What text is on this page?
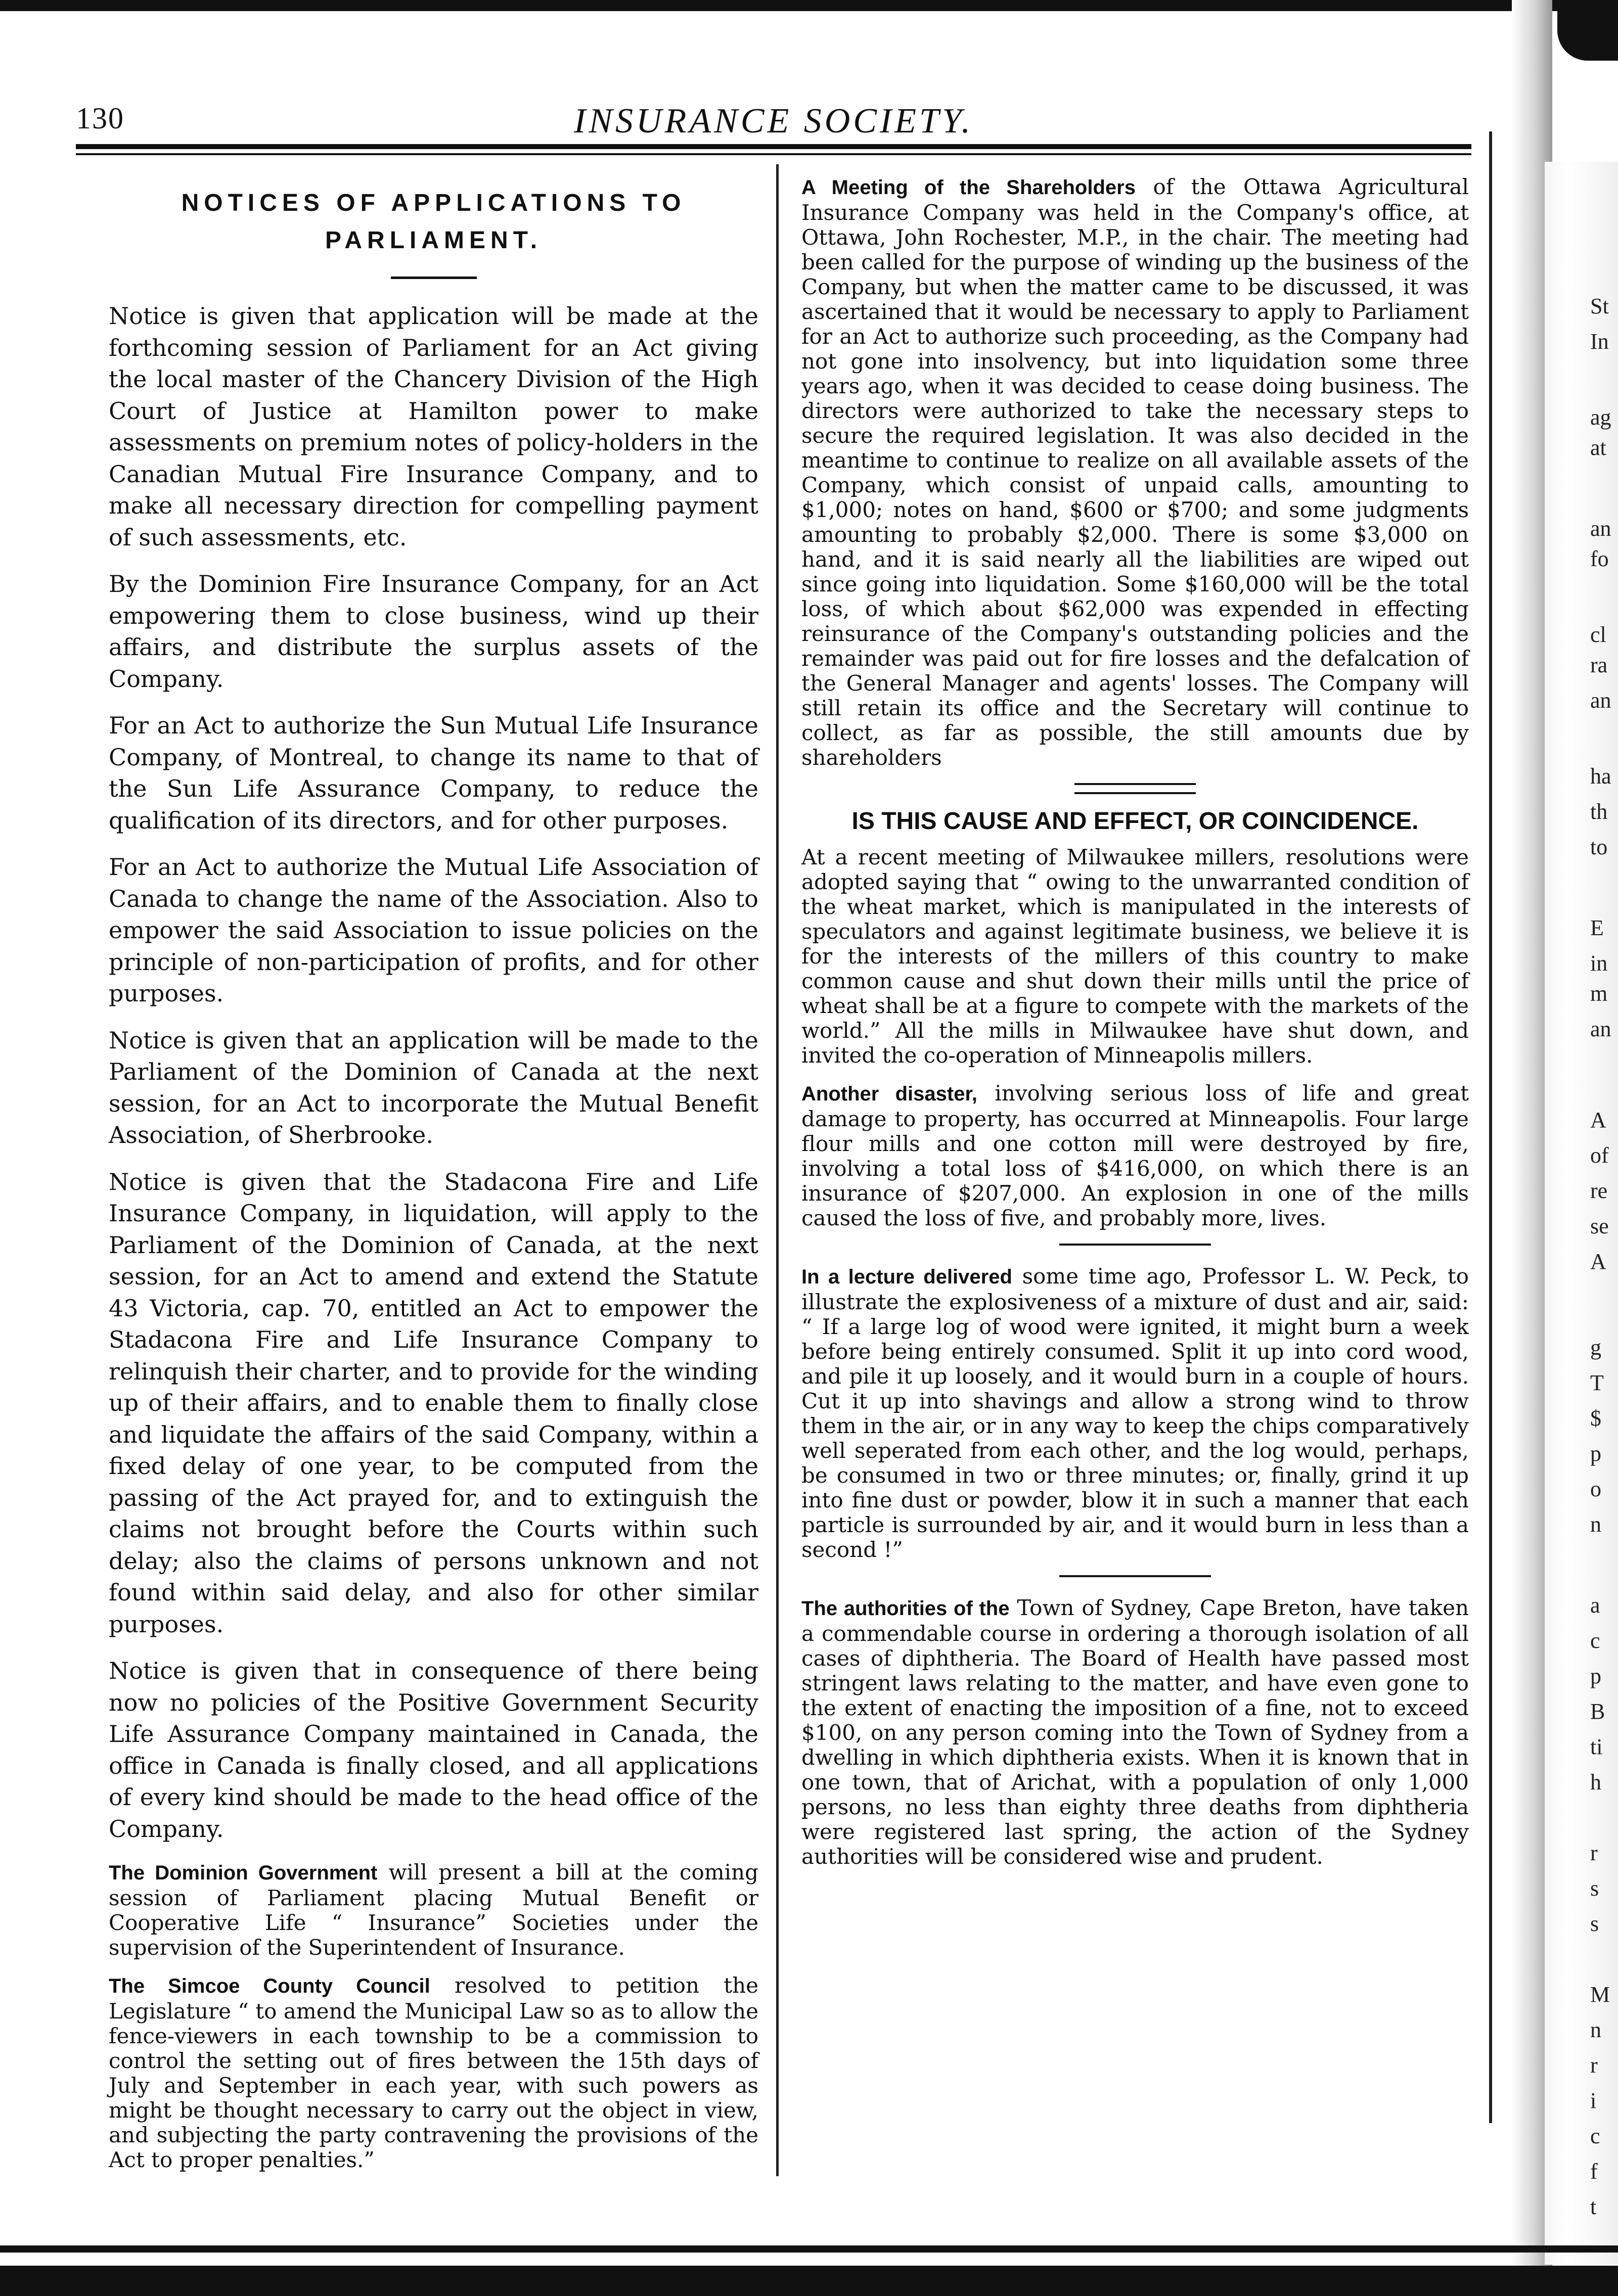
130	INSURANCE SOCIETY.
NOTICES OF APPLICATIONS TO PARLIAMENT.

Notice is given that application will be made at the forthcoming session of Parliament for an Act giving the local master of the Chancery Division of the High Court of Justice at Hamilton power to make assessments on premium notes of policy-holders in the Canadian Mutual Fire Insurance Company, and to make all necessary direction for compelling payment of such assessments, etc.

By the Dominion Fire Insurance Company, for an Act empowering them to close business, wind up their affairs, and distribute the surplus assets of the Company.

For an Act to authorize the Sun Mutual Life Insurance Company, of Montreal, to change its name to that of the Sun Life Assurance Company, to reduce the qualification of its directors, and for other purposes.

For an Act to authorize the Mutual Life Association of Canada to change the name of the Association. Also to empower the said Association to issue policies on the principle of non-participation of profits, and for other purposes.

Notice is given that an application will be made to the Parliament of the Dominion of Canada at the next session, for an Act to incorporate the Mutual Benefit Association, of Sherbrooke.

Notice is given that the Stadacona Fire and Life Insurance Company, in liquidation, will apply to the Parliament of the Dominion of Canada, at the next session, for an Act to amend and extend the Statute 43 Victoria, cap. 70, entitled an Act to empower the Stadacona Fire and Life Insurance Company to relinquish their charter, and to provide for the winding up of their affairs, and to enable them to finally close and liquidate the affairs of the said Company, within a fixed delay of one year, to be computed from the passing of the Act prayed for, and to extinguish the claims not brought before the Courts within such delay; also the claims of persons unknown and not found within said delay, and also for other similar purposes.

Notice is given that in consequence of there being now no policies of the Positive Government Security Life Assurance Company maintained in Canada, the office in Canada is finally closed, and all applications of every kind should be made to the head office of the Company.

The Dominion Government will present a bill at the coming session of Parliament placing Mutual Benefit or Cooperative Life “ Insurance” Societies under the supervision of the Superintendent of Insurance.

The Simcoe County Council resolved to petition the Legislature “ to amend the Municipal Law so as to allow the fence-viewers in each township to be a commission to control the setting out of fires between the 15th days of July and September in each year, with such powers as might be thought necessary to carry out the object in view, and subjecting the party contravening the provisions of the Act to proper penalties.”

A Meeting of the Shareholders of the Ottawa Agricultural Insurance Company was held in the Company's office, at Ottawa, John Rochester, M.P., in the chair. The meeting had been called for the purpose of winding up the business of the Company, but when the matter came to be discussed, it was ascertained that it would be necessary to apply to Parliament for an Act to authorize such proceeding, as the Company had not gone into insolvency, but into liquidation some three years ago, when it was decided to cease doing business. The directors were authorized to take the necessary steps to secure the required legislation. It was also decided in the meantime to continue to realize on all available assets of the Company, which consist of unpaid calls, amounting to $1,000; notes on hand, $600 or $700; and some judgments amounting to probably $2,000. There is some $3,000 on hand, and it is said nearly all the liabilities are wiped out since going into liquidation. Some $160,000 will be the total loss, of which about $62,000 was expended in effecting reinsurance of the Company's outstanding policies and the remainder was paid out for fire losses and the defalcation of the General Manager and agents' losses. The Company will still retain its office and the Secretary will continue to collect, as far as possible, the still amounts due by shareholders

IS THIS CAUSE AND EFFECT, OR COINCIDENCE.

At a recent meeting of Milwaukee millers, resolutions were adopted saying that “ owing to the unwarranted condition of the wheat market, which is manipulated in the interests of speculators and against legitimate business, we believe it is for the interests of the millers of this country to make common cause and shut down their mills until the price of wheat shall be at a figure to compete with the markets of the world.” All the mills in Milwaukee have shut down, and invited the co-operation of Minneapolis millers.

Another disaster, involving serious loss of life and great damage to property, has occurred at Minneapolis. Four large flour mills and one cotton mill were destroyed by fire, involving a total loss of $416,000, on which there is an insurance of $207,000. An explosion in one of the mills caused the loss of five, and probably more, lives.

In a lecture delivered some time ago, Professor L. W. Peck, to illustrate the explosiveness of a mixture of dust and air, said: “ If a large log of wood were ignited, it might burn a week before being entirely consumed. Split it up into cord wood, and pile it up loosely, and it would burn in a couple of hours. Cut it up into shavings and allow a strong wind to throw them in the air, or in any way to keep the chips comparatively well seperated from each other, and the log would, perhaps, be consumed in two or three minutes; or, finally, grind it up into fine dust or powder, blow it in such a manner that each particle is surrounded by air, and it would burn in less than a second !”

The authorities of the Town of Sydney, Cape Breton, have taken a commendable course in ordering a thorough isolation of all cases of diphtheria. The Board of Health have passed most stringent laws relating to the matter, and have even gone to the extent of enacting the imposition of a fine, not to exceed $100, on any person coming into the Town of Sydney from a dwelling in which diphtheria exists. When it is known that in one town, that of Arichat, with a population of only 1,000 persons, no less than eighty three deaths from diphtheria were registered last spring, the action of the Sydney authorities will be considered wise and prudent.

St
In
ag
at
an
fo
cl
ra
an
ha
th
to
E
in
m
an
A
of
re
se
A
g
T
$
p
o
n
a
c
p
B
ti
h
r
s
s
M
n
r
i
c
f
t
